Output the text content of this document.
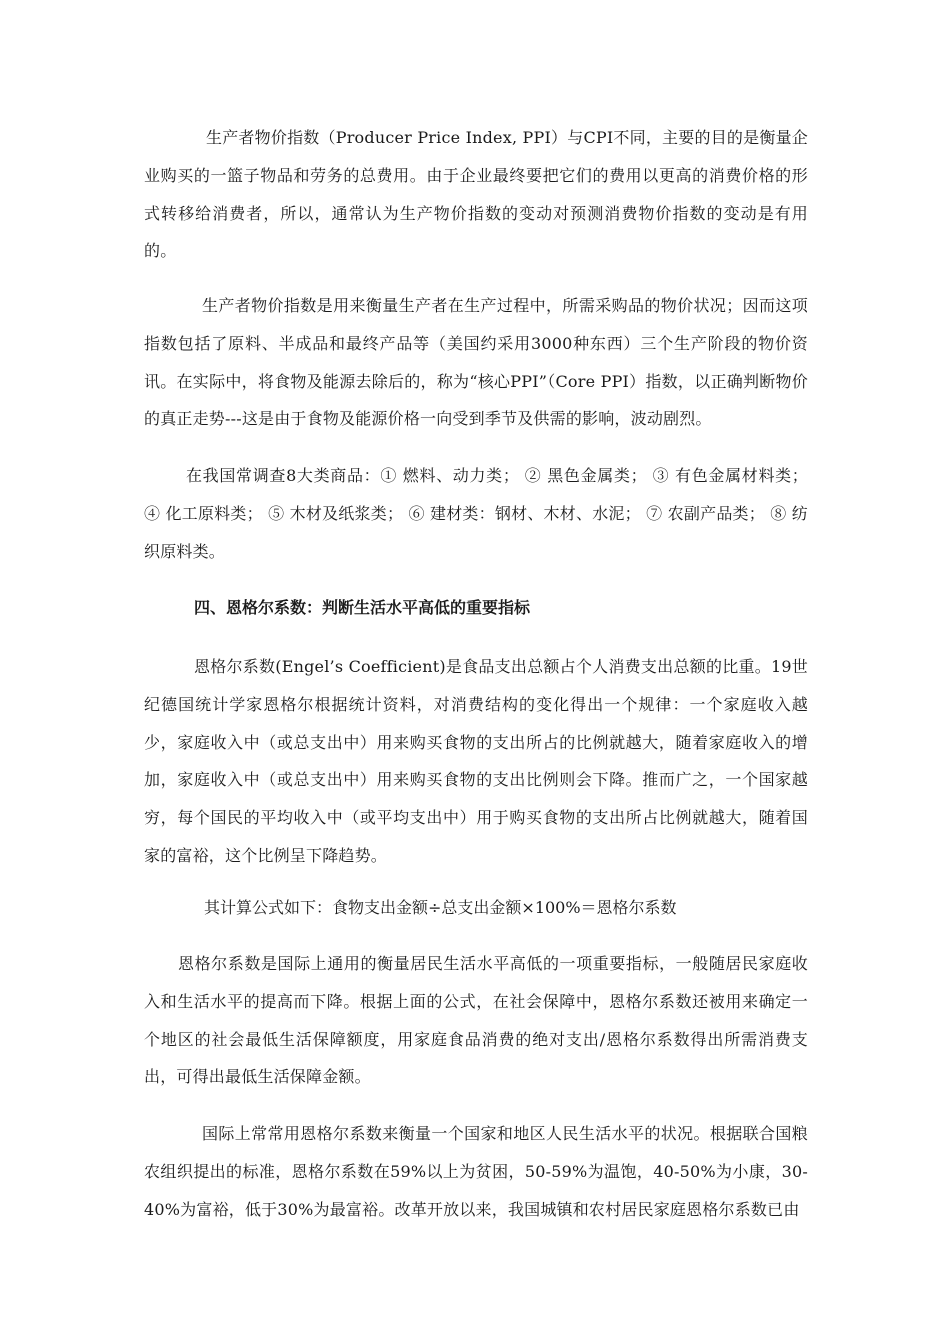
生产者物价指数（Producer Price Index, PPI）与CPI不同，主要的目的是衡量企业购买的一篮子物品和劳务的总费用。由于企业最终要把它们的费用以更高的消费价格的形式转移给消费者，所以，通常认为生产物价指数的变动对预测消费物价指数的变动是有用的。

生产者物价指数是用来衡量生产者在生产过程中，所需采购品的物价状况；因而这项指数包括了原料、半成品和最终产品等（美国约采用3000种东西）三个生产阶段的物价资讯。在实际中，将食物及能源去除后的，称为“核心PPI”（Core PPI）指数，以正确判断物价的真正走势---这是由于食物及能源价格一向受到季节及供需的影响，波动剧烈。

在我国常调查8大类商品：① 燃料、动力类； ② 黑色金属类； ③ 有色金属材料类； ④ 化工原料类； ⑤ 木材及纸浆类； ⑥ 建材类：钢材、木材、水泥； ⑦ 农副产品类； ⑧ 纺织原料类。

四、恩格尔系数：判断生活水平高低的重要指标

恩格尔系数(Engel’s Coefficient)是食品支出总额占个人消费支出总额的比重。19世纪德国统计学家恩格尔根据统计资料，对消费结构的变化得出一个规律：一个家庭收入越少，家庭收入中（或总支出中）用来购买食物的支出所占的比例就越大，随着家庭收入的增加，家庭收入中（或总支出中）用来购买食物的支出比例则会下降。推而广之，一个国家越穷，每个国民的平均收入中（或平均支出中）用于购买食物的支出所占比例就越大，随着国家的富裕，这个比例呈下降趋势。

其计算公式如下：食物支出金额÷总支出金额×100%＝恩格尔系数

恩格尔系数是国际上通用的衡量居民生活水平高低的一项重要指标，一般随居民家庭收入和生活水平的提高而下降。根据上面的公式，在社会保障中，恩格尔系数还被用来确定一个地区的社会最低生活保障额度，用家庭食品消费的绝对支出/恩格尔系数得出所需消费支出，可得出最低生活保障金额。

国际上常常用恩格尔系数来衡量一个国家和地区人民生活水平的状况。根据联合国粮农组织提出的标准，恩格尔系数在59%以上为贫困，50-59%为温饱，40-50%为小康，30-40%为富裕，低于30%为最富裕。改革开放以来，我国城镇和农村居民家庭恩格尔系数已由
